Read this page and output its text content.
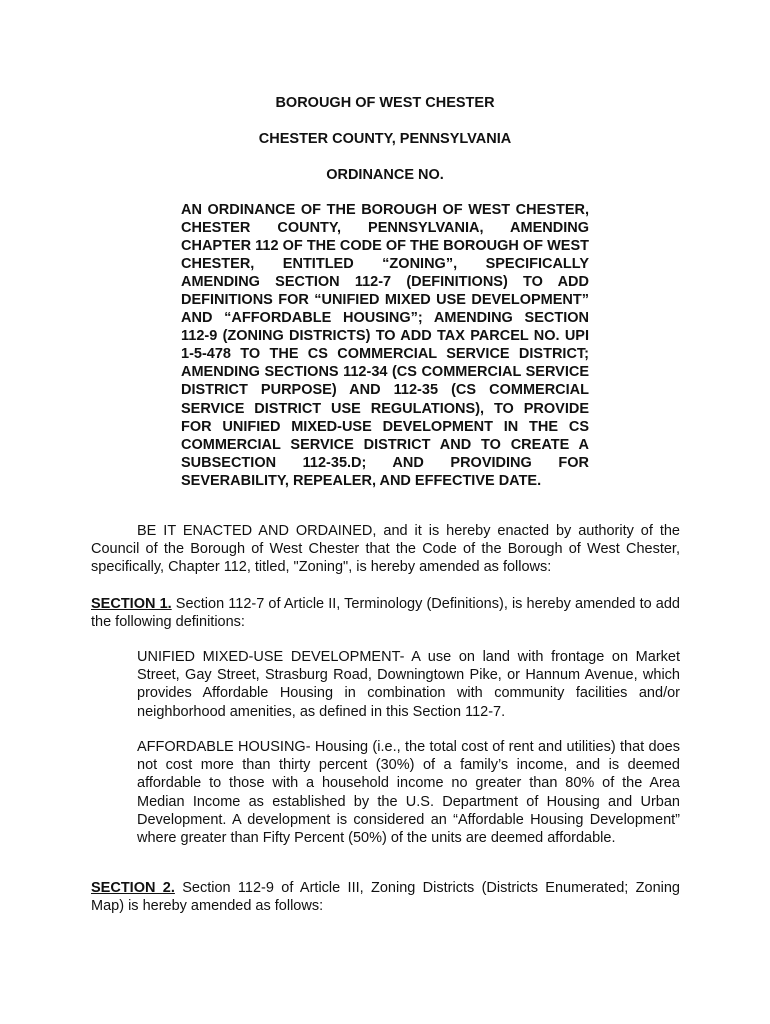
BOROUGH OF WEST CHESTER
CHESTER COUNTY, PENNSYLVANIA
ORDINANCE NO.

AN ORDINANCE OF THE BOROUGH OF WEST CHESTER, CHESTER COUNTY, PENNSYLVANIA, AMENDING CHAPTER 112 OF THE CODE OF THE BOROUGH OF WEST CHESTER, ENTITLED “ZONING”, SPECIFICALLY AMENDING SECTION 112-7 (DEFINITIONS) TO ADD DEFINITIONS FOR “UNIFIED MIXED USE DEVELOPMENT” AND “AFFORDABLE HOUSING”; AMENDING SECTION 112-9 (ZONING DISTRICTS) TO ADD TAX PARCEL NO. UPI 1-5-478 TO THE CS COMMERCIAL SERVICE DISTRICT; AMENDING SECTIONS 112-34 (CS COMMERCIAL SERVICE DISTRICT PURPOSE) AND 112-35 (CS COMMERCIAL SERVICE DISTRICT USE REGULATIONS), TO PROVIDE FOR UNIFIED MIXED-USE DEVELOPMENT IN THE CS COMMERCIAL SERVICE DISTRICT AND TO CREATE A SUBSECTION 112-35.D; AND PROVIDING FOR SEVERABILITY, REPEALER, AND EFFECTIVE DATE.

BE IT ENACTED AND ORDAINED, and it is hereby enacted by authority of the Council of the Borough of West Chester that the Code of the Borough of West Chester, specifically, Chapter 112, titled, "Zoning", is hereby amended as follows:

SECTION 1. Section 112-7 of Article II, Terminology (Definitions), is hereby amended to add the following definitions:

UNIFIED MIXED-USE DEVELOPMENT- A use on land with frontage on Market Street, Gay Street, Strasburg Road, Downingtown Pike, or Hannum Avenue, which provides Affordable Housing in combination with community facilities and/or neighborhood amenities, as defined in this Section 112-7.

AFFORDABLE HOUSING- Housing (i.e., the total cost of rent and utilities) that does not cost more than thirty percent (30%) of a family’s income, and is deemed affordable to those with a household income no greater than 80% of the Area Median Income as established by the U.S. Department of Housing and Urban Development. A development is considered an “Affordable Housing Development” where greater than Fifty Percent (50%) of the units are deemed affordable.

SECTION 2. Section 112-9 of Article III, Zoning Districts (Districts Enumerated; Zoning Map) is hereby amended as follows:
